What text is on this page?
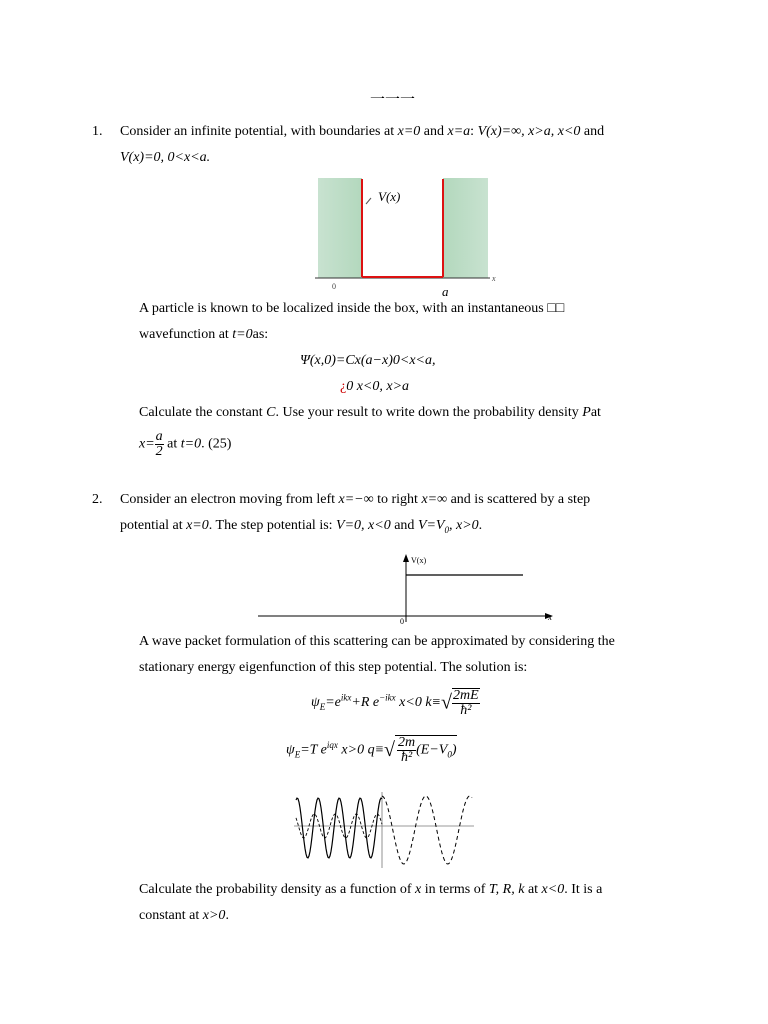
一一一
1. Consider an infinite potential, with boundaries at x=0 and x=a: V(x)=∞, x>a, x<0 and
V(x)=0, 0<x<a.
V(x)
x
0	a
A particle is known to be localized inside the box, with an instantaneous □□
wavefunction at t=0as:
Ψ(x,0)=Cx(a−x)0<x<a,
¿0 x<0, x>a
Calculate the constant C. Use your result to write down the probability density Pat
$x= \frac{a}{2}$ at t=0. (25)
2. Consider an electron moving from left x=−∞ to right x=∞ and is scattered by a step
potential at x=0. The step potential is: V=0, x<0 and $V=V_0$, x>0.
V(x)
x
0
A wave packet formulation of this scattering can be approximated by considering the
stationary energy eigenfunction of this step potential. The solution is:
$\psi_E=e^{ikx}+R$ $e^{-ikx}$ x<0 $k\equiv√ \frac{2mE}{\text{ħ²}}$
$\psi_E=T$ $e^{iqx}$ x>0 $q\equiv√ \frac{2m}{\text{ħ²}} (E-V_0)$
Calculate the probability density as a function of x in terms of T, R, k at x<0. It is a
constant at x>0.
